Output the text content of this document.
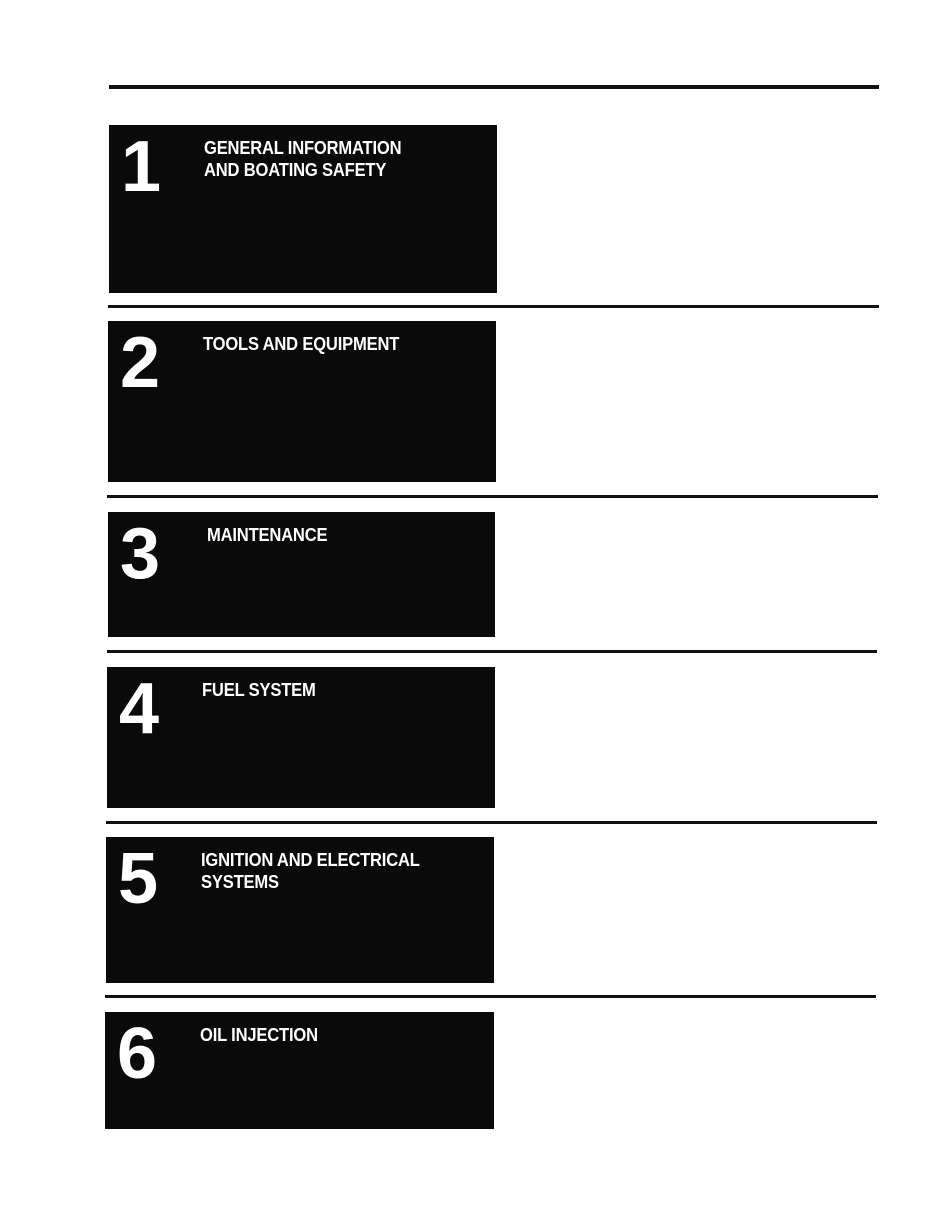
1 GENERAL INFORMATION
AND BOATING SAFETY
2 TOOLS AND EQUIPMENT
3	MAINTENANCE
4 FUEL SYSTEM
5 IGNITION AND ELECTRICAL
SYSTEMS
6 OIL INJECTION
